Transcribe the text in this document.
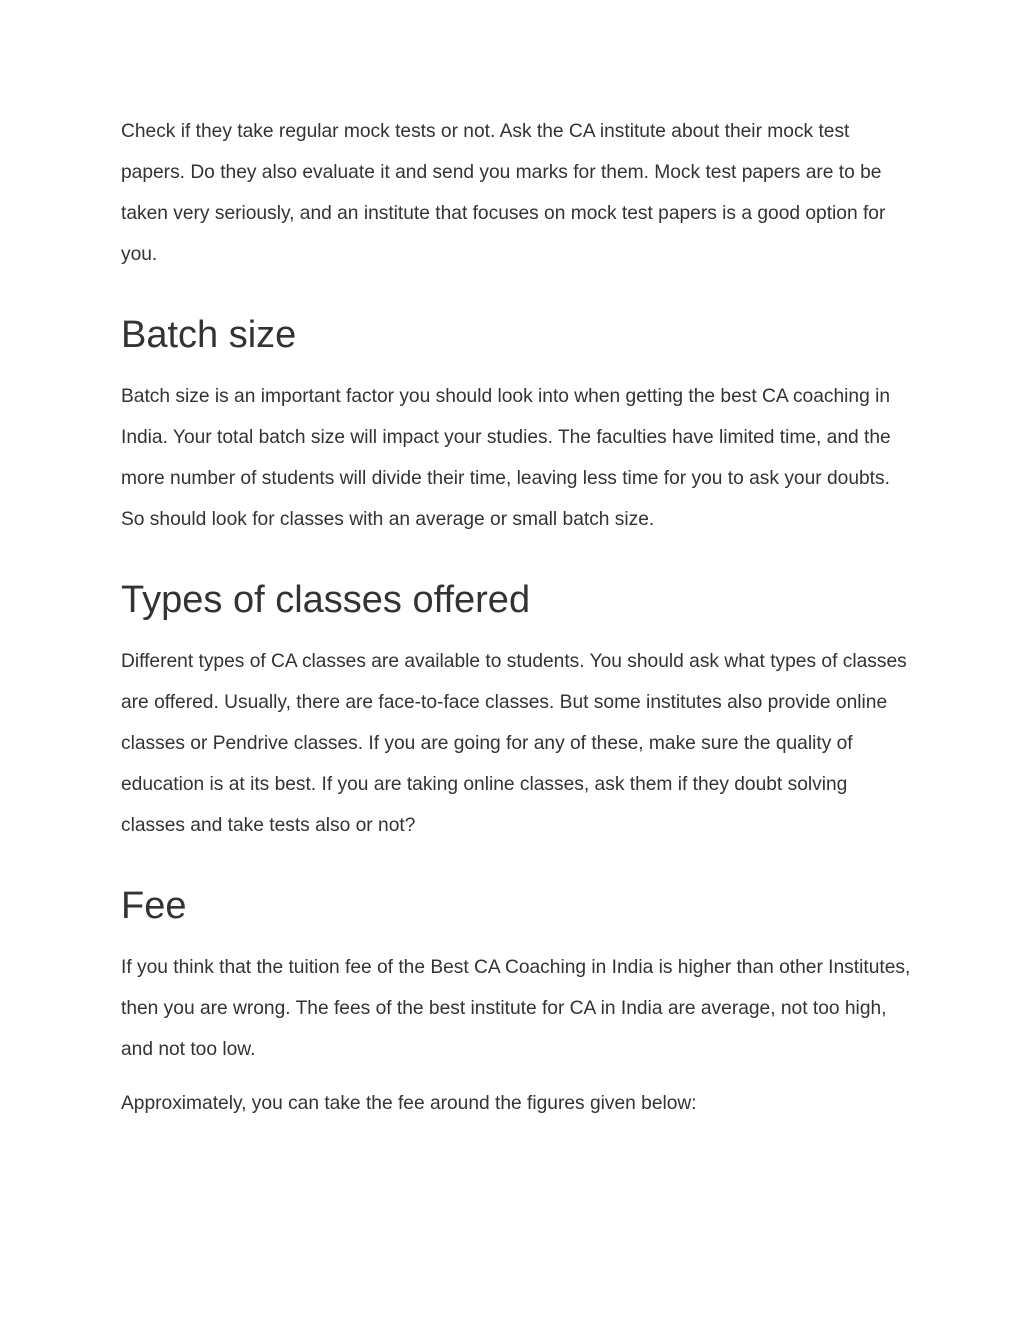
Check if they take regular mock tests or not. Ask the CA institute about their mock test papers. Do they also evaluate it and send you marks for them. Mock test papers are to be taken very seriously, and an institute that focuses on mock test papers is a good option for you.

Batch size

Batch size is an important factor you should look into when getting the best CA coaching in India. Your total batch size will impact your studies. The faculties have limited time, and the more number of students will divide their time, leaving less time for you to ask your doubts. So should look for classes with an average or small batch size.

Types of classes offered

Different types of CA classes are available to students. You should ask what types of classes are offered. Usually, there are face-to-face classes. But some institutes also provide online classes or Pendrive classes. If you are going for any of these, make sure the quality of education is at its best. If you are taking online classes, ask them if they doubt solving classes and take tests also or not?

Fee

If you think that the tuition fee of the Best CA Coaching in India is higher than other Institutes, then you are wrong. The fees of the best institute for CA in India are average, not too high, and not too low.

Approximately, you can take the fee around the figures given below:
